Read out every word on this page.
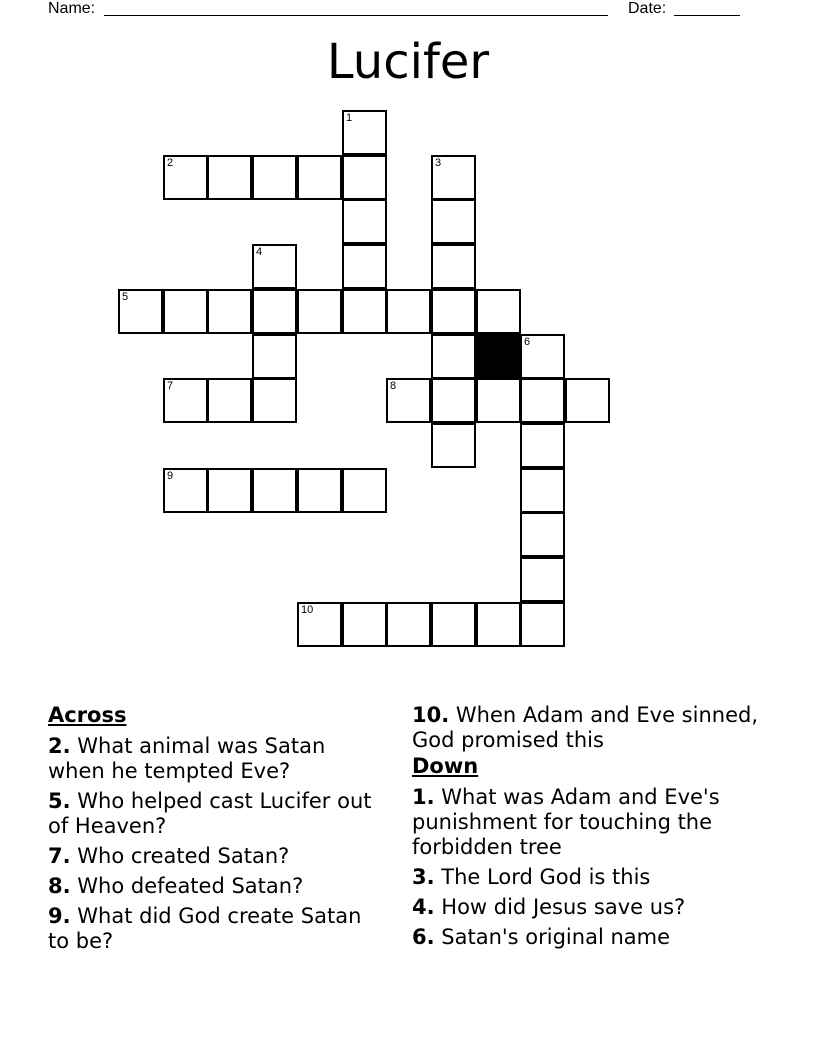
Name:	Date:
Lucifer
1
2	3
4
5
6
7	8
9
10
Across
2. What animal was Satan when he tempted Eve?
5. Who helped cast Lucifer out of Heaven?
7. Who created Satan?
8. Who defeated Satan?
9. What did God create Satan to be?
10. When Adam and Eve sinned, God promised this
Down
1. What was Adam and Eve's punishment for touching the forbidden tree
3. The Lord God is this
4. How did Jesus save us?
6. Satan's original name
